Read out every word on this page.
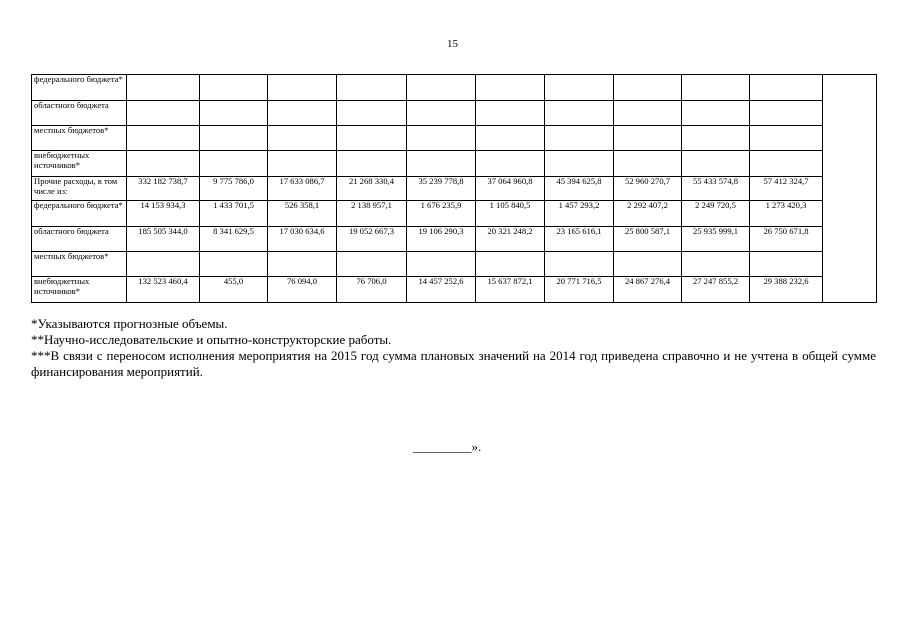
15
федерального бюджета*											
областного бюджета											
местных бюджетов*											
внебюджетных источников*											
Прочие расходы, в том числе из:	332 182 738,7	9 775 786,0	17 633 086,7	21 268 330,4	35 239 778,8	37 064 960,8	45 394 625,8	52 960 270,7	55 433 574,8	57 412 324,7	
федерального бюджета*	14 153 934,3	1 433 701,5	526 358,1	2 138 957,1	1 676 235,9	1 105 840,5	1 457 293,2	2 292 407,2	2 249 720,5	1 273 420,3	
областного бюджета	185 505 344,0	8 341 629,5	17 030 634,6	19 052 667,3	19 106 290,3	20 321 248,2	23 165 616,1	25 800 587,1	25 935 999,1	26 750 671,8	
местных бюджетов*											
внебюджетных источников*	132 523 460,4	455,0	76 094,0	76 706,0	14 457 252,6	15 637 872,1	20 771 716,5	24 867 276,4	27 247 855,2	29 388 232,6	

*Указываются прогнозные объемы.

**Научно-исследовательские и опытно-конструкторские работы.

***В связи с переносом исполнения мероприятия на 2015 год сумма плановых значений на 2014 год приведена справочно и не учтена в общей сумме финансирования мероприятий.

_________».
